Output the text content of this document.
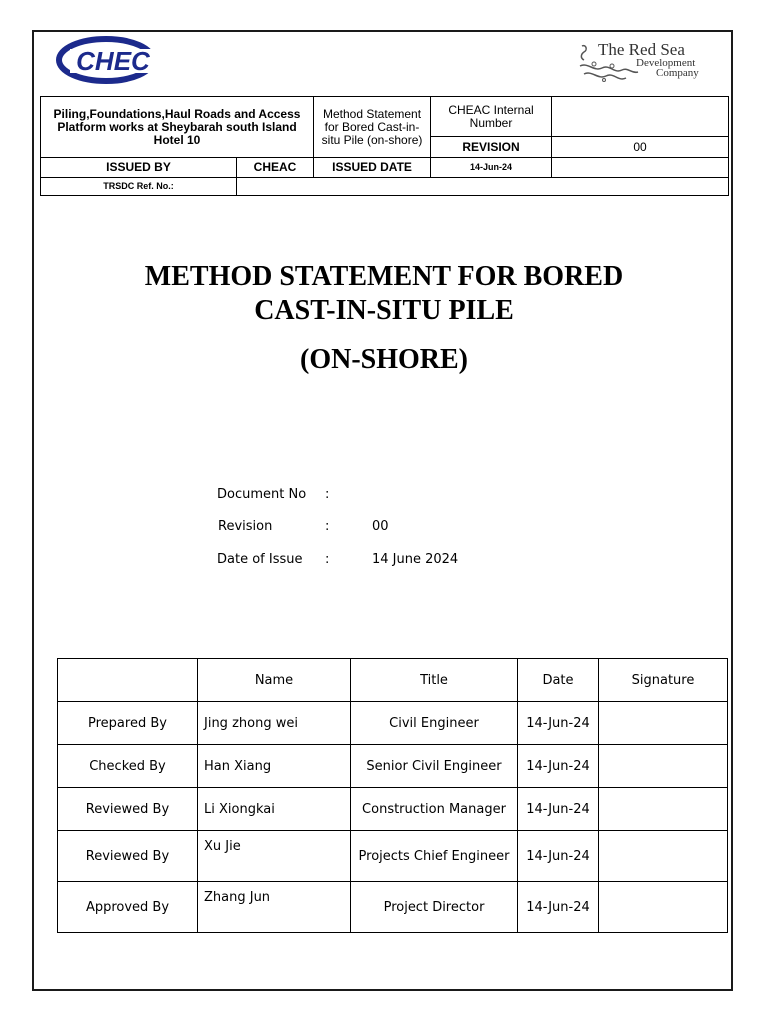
CHEC	The Red Sea
Development
Company
Piling,Foundations,Haul Roads and Access Platform works at Sheybarah south Island Hotel 10		Method Statement for Bored Cast-in-situ Pile (on-shore)	CHEAC Internal Number	
			REVISION	00
ISSUED BY	CHEAC	ISSUED DATE	14-Jun-24	
TRSDC Ref. No.:				
METHOD STATEMENT FOR BORED
CAST-IN-SITU PILE
(ON-SHORE)
Document No :
Revision	:	00
Date of Issue :	14 June 2024
	Name	Title	Date	Signature
Prepared By	Jing zhong wei	Civil Engineer	14-Jun-24	
Checked By	Han Xiang	Senior Civil Engineer	14-Jun-24	
Reviewed By	Li Xiongkai	Construction Manager	14-Jun-24	
Reviewed By	Xu Jie	Projects Chief Engineer	14-Jun-24	
Approved By	Zhang Jun	Project Director	14-Jun-24	
